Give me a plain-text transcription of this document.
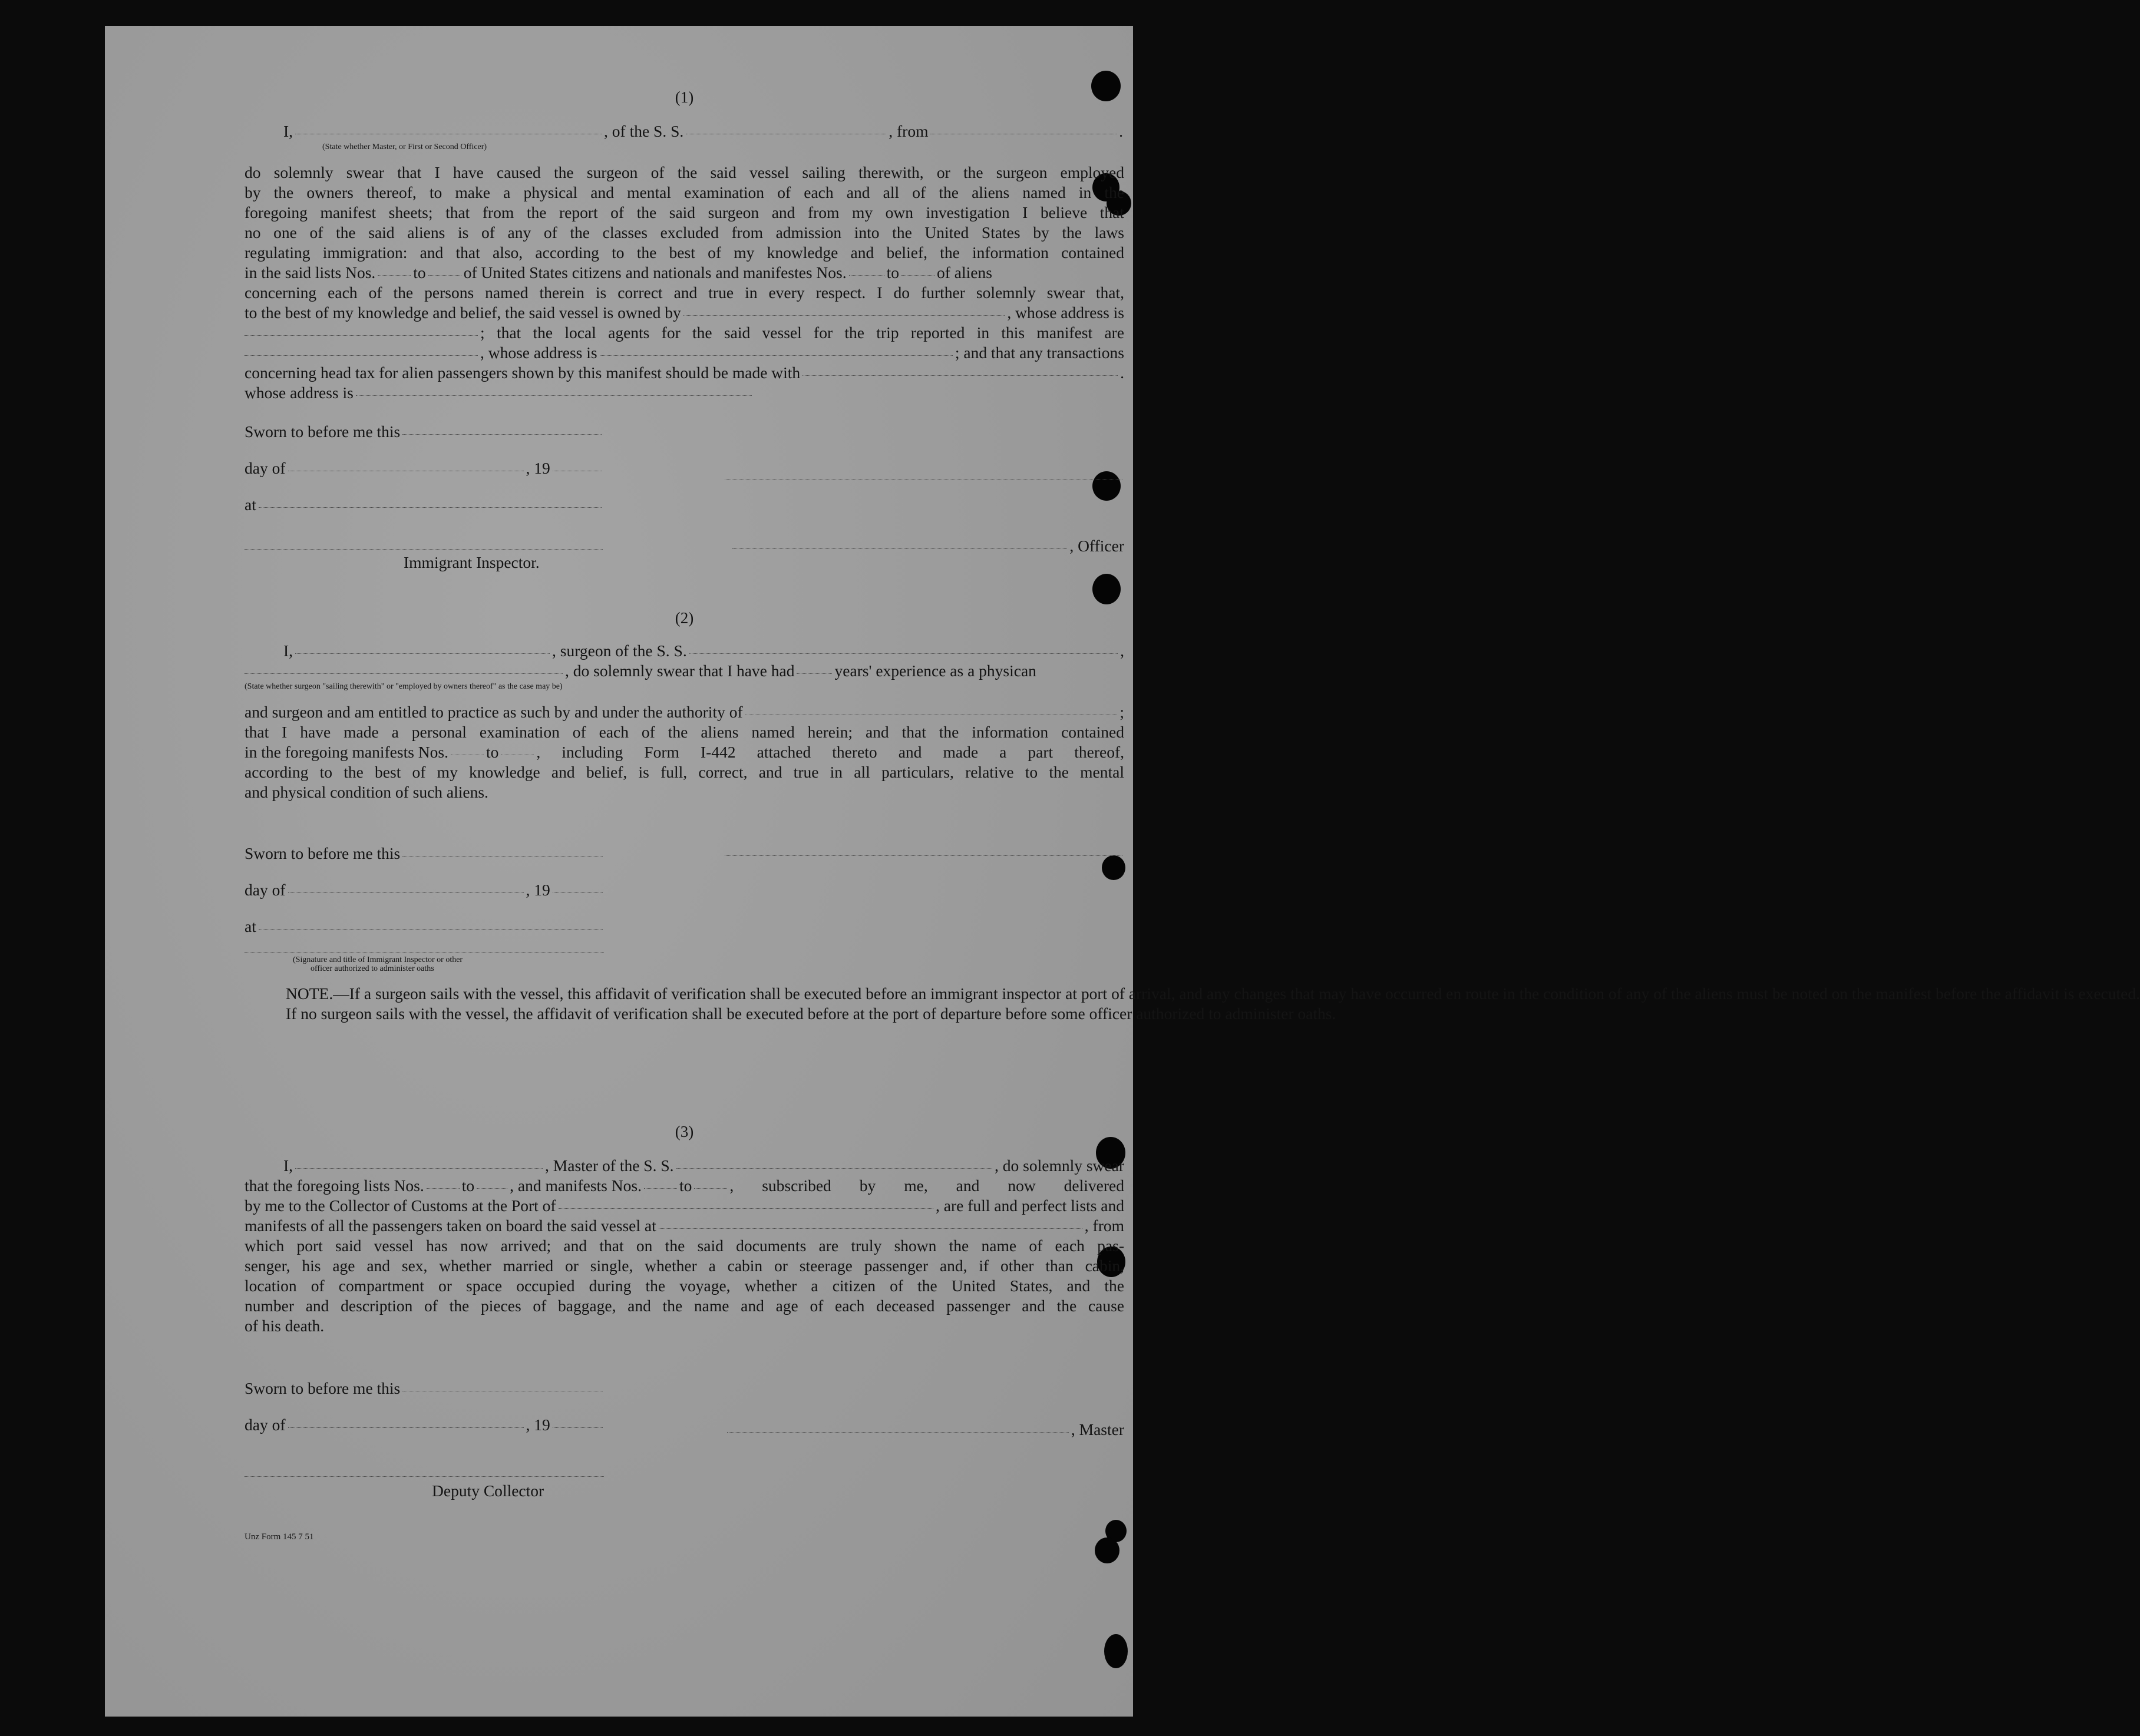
(1)
I,	, of the S. S.	, from	.
(State whether Master, or First or Second Officer)

do solemnly swear that I have caused the surgeon of the said vessel sailing therewith, or the surgeon employed

by the owners thereof, to make a physical and mental examination of each and all of the aliens named in the

foregoing manifest sheets; that from the report of the said surgeon and from my own investigation I believe that

no one of the said aliens is of any of the classes excluded from admission into the United States by the laws

regulating immigration: and that also, according to the best of my knowledge and belief, the information contained

in the said lists Nos. to of United States citizens and nationals and manifestes Nos. to of aliens

concerning each of the persons named therein is correct and true in every respect. I do further solemnly swear that,

to the best of my knowledge and belief, the said vessel is owned by	, whose address is
; that the local agents for the said vessel for the trip reported in this manifest are
, whose address is	; and that any transactions
concerning head tax for alien passengers shown by this manifest should be made with	.
whose address is
Sworn to before me this
day of	, 19
at
, Officer
Immigrant Inspector.
(2)
I,	, surgeon of the S. S.	,
, do solemnly swear that I have had years' experience as a physican
(State whether surgeon "sailing therewith" or "employed by owners thereof" as the case may be)
and surgeon and am entitled to practice as such by and under the authority of	;

that I have made a personal examination of each of the aliens named herein; and that the information contained

in the foregoing manifests Nos. to , including Form I-442 attached thereto and made a part thereof,

according to the best of my knowledge and belief, is full, correct, and true in all particulars, relative to the mental

and physical condition of such aliens.

Sworn to before me this
day of	, 19
at
(Signature and title of Immigrant Inspector or other
officer authorized to administer oaths

NOTE.—If a surgeon sails with the vessel, this affidavit of verification shall be executed before an immigrant inspector at port of arrival, and any changes that may have occurred en route in the condition of any of the aliens must be noted on the manifest before the affidavit is executed.

If no surgeon sails with the vessel, the affidavit of verification shall be executed before at the port of departure before some officer authorized to administer oaths.

(3)
I,	, Master of the S. S.	, do solemnly swear
that the foregoing lists Nos. to , and manifests Nos. to , subscribed by me, and now delivered
by me to the Collector of Customs at the Port of	, are full and perfect lists and
manifests of all the passengers taken on board the said vessel at	, from

which port said vessel has now arrived; and that on the said documents are truly shown the name of each pas-

senger, his age and sex, whether married or single, whether a cabin or steerage passenger and, if other than cabin,

location of compartment or space occupied during the voyage, whether a citizen of the United States, and the

number and description of the pieces of baggage, and the name and age of each deceased passenger and the cause

of his death.

Sworn to before me this
day of	, 19	, Master
Deputy Collector
Unz Form 145 7 51
